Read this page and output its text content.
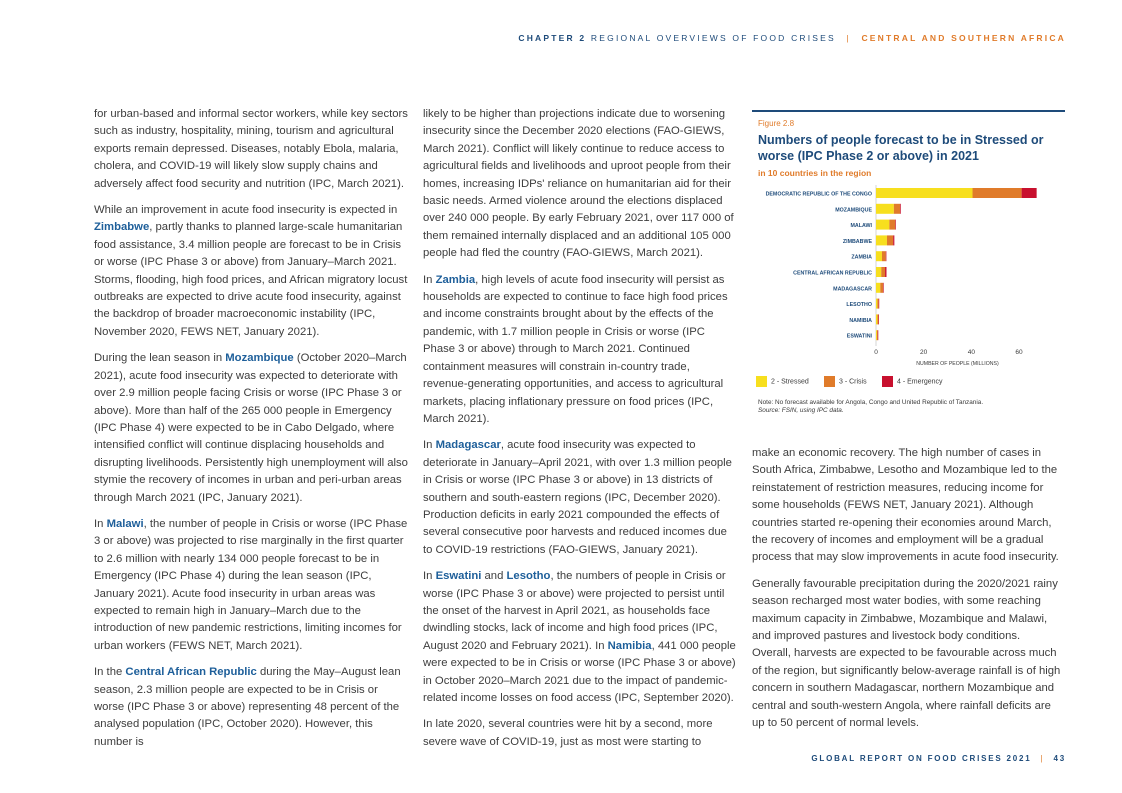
CHAPTER 2 REGIONAL OVERVIEWS OF FOOD CRISES | CENTRAL AND SOUTHERN AFRICA

for urban-based and informal sector workers, while key sectors such as industry, hospitality, mining, tourism and agricultural exports remain depressed. Diseases, notably Ebola, malaria, cholera, and COVID-19 will likely slow supply chains and adversely affect food security and nutrition (IPC, March 2021).

While an improvement in acute food insecurity is expected in Zimbabwe, partly thanks to planned large-scale humanitarian food assistance, 3.4 million people are forecast to be in Crisis or worse (IPC Phase 3 or above) from January–March 2021. Storms, flooding, high food prices, and African migratory locust outbreaks are expected to drive acute food insecurity, against the backdrop of broader macroeconomic instability (IPC, November 2020, FEWS NET, January 2021).

During the lean season in Mozambique (October 2020–March 2021), acute food insecurity was expected to deteriorate with over 2.9 million people facing Crisis or worse (IPC Phase 3 or above). More than half of the 265 000 people in Emergency (IPC Phase 4) were expected to be in Cabo Delgado, where intensified conflict will continue displacing households and disrupting livelihoods. Persistently high unemployment will also stymie the recovery of incomes in urban and peri-urban areas through March 2021 (IPC, January 2021).

In Malawi, the number of people in Crisis or worse (IPC Phase 3 or above) was projected to rise marginally in the first quarter to 2.6 million with nearly 134 000 people forecast to be in Emergency (IPC Phase 4) during the lean season (IPC, January 2021). Acute food insecurity in urban areas was expected to remain high in January–March due to the introduction of new pandemic restrictions, limiting incomes for urban workers (FEWS NET, March 2021).

In the Central African Republic during the May–August lean season, 2.3 million people are expected to be in Crisis or worse (IPC Phase 3 or above) representing 48 percent of the analysed population (IPC, October 2020). However, this number is

likely to be higher than projections indicate due to worsening insecurity since the December 2020 elections (FAO-GIEWS, March 2021). Conflict will likely continue to reduce access to agricultural fields and livelihoods and uproot people from their homes, increasing IDPs' reliance on humanitarian aid for their basic needs. Armed violence around the elections displaced over 240 000 people. By early February 2021, over 117 000 of them remained internally displaced and an additional 105 000 people had fled the country (FAO-GIEWS, March 2021).

In Zambia, high levels of acute food insecurity will persist as households are expected to continue to face high food prices and income constraints brought about by the effects of the pandemic, with 1.7 million people in Crisis or worse (IPC Phase 3 or above) through to March 2021. Continued containment measures will constrain in-country trade, revenue-generating opportunities, and access to agricultural markets, placing inflationary pressure on food prices (IPC, March 2021).

In Madagascar, acute food insecurity was expected to deteriorate in January–April 2021, with over 1.3 million people in Crisis or worse (IPC Phase 3 or above) in 13 districts of southern and south-eastern regions (IPC, December 2020). Production deficits in early 2021 compounded the effects of several consecutive poor harvests and reduced incomes due to COVID-19 restrictions (FAO-GIEWS, January 2021).

In Eswatini and Lesotho, the numbers of people in Crisis or worse (IPC Phase 3 or above) were projected to persist until the onset of the harvest in April 2021, as households face dwindling stocks, lack of income and high food prices (IPC, August 2020 and February 2021). In Namibia, 441 000 people were expected to be in Crisis or worse (IPC Phase 3 or above) in October 2020–March 2021 due to the impact of pandemic-related income losses on food access (IPC, September 2020).

In late 2020, several countries were hit by a second, more severe wave of COVID-19, just as most were starting to

Figure 2.8
Numbers of people forecast to be in Stressed or worse (IPC Phase 2 or above) in 2021
in 10 countries in the region
DEMOCRATIC REPUBLIC OF THE CONGO
MOZAMBIQUE
MALAWI
ZIMBABWE
ZAMBIA
CENTRAL AFRICAN REPUBLIC
MADAGASCAR
LESOTHO
NAMIBIA
ESWATINI
0	20	40	60
NUMBER OF PEOPLE (MILLIONS)
2 - Stressed	3 - Crisis	4 - Emergency
Note: No forecast available for Angola, Congo and United Republic of Tanzania.
Source: FSIN, using IPC data.

make an economic recovery. The high number of cases in South Africa, Zimbabwe, Lesotho and Mozambique led to the reinstatement of restriction measures, reducing income for some households (FEWS NET, January 2021). Although countries started re-opening their economies around March, the recovery of incomes and employment will be a gradual process that may slow improvements in acute food insecurity.

Generally favourable precipitation during the 2020/2021 rainy season recharged most water bodies, with some reaching maximum capacity in Zimbabwe, Mozambique and Malawi, and improved pastures and livestock body conditions. Overall, harvests are expected to be favourable across much of the region, but significantly below-average rainfall is of high concern in southern Madagascar, northern Mozambique and central and south-western Angola, where rainfall deficits are up to 50 percent of normal levels.

GLOBAL REPORT ON FOOD CRISES 2021 | 43
